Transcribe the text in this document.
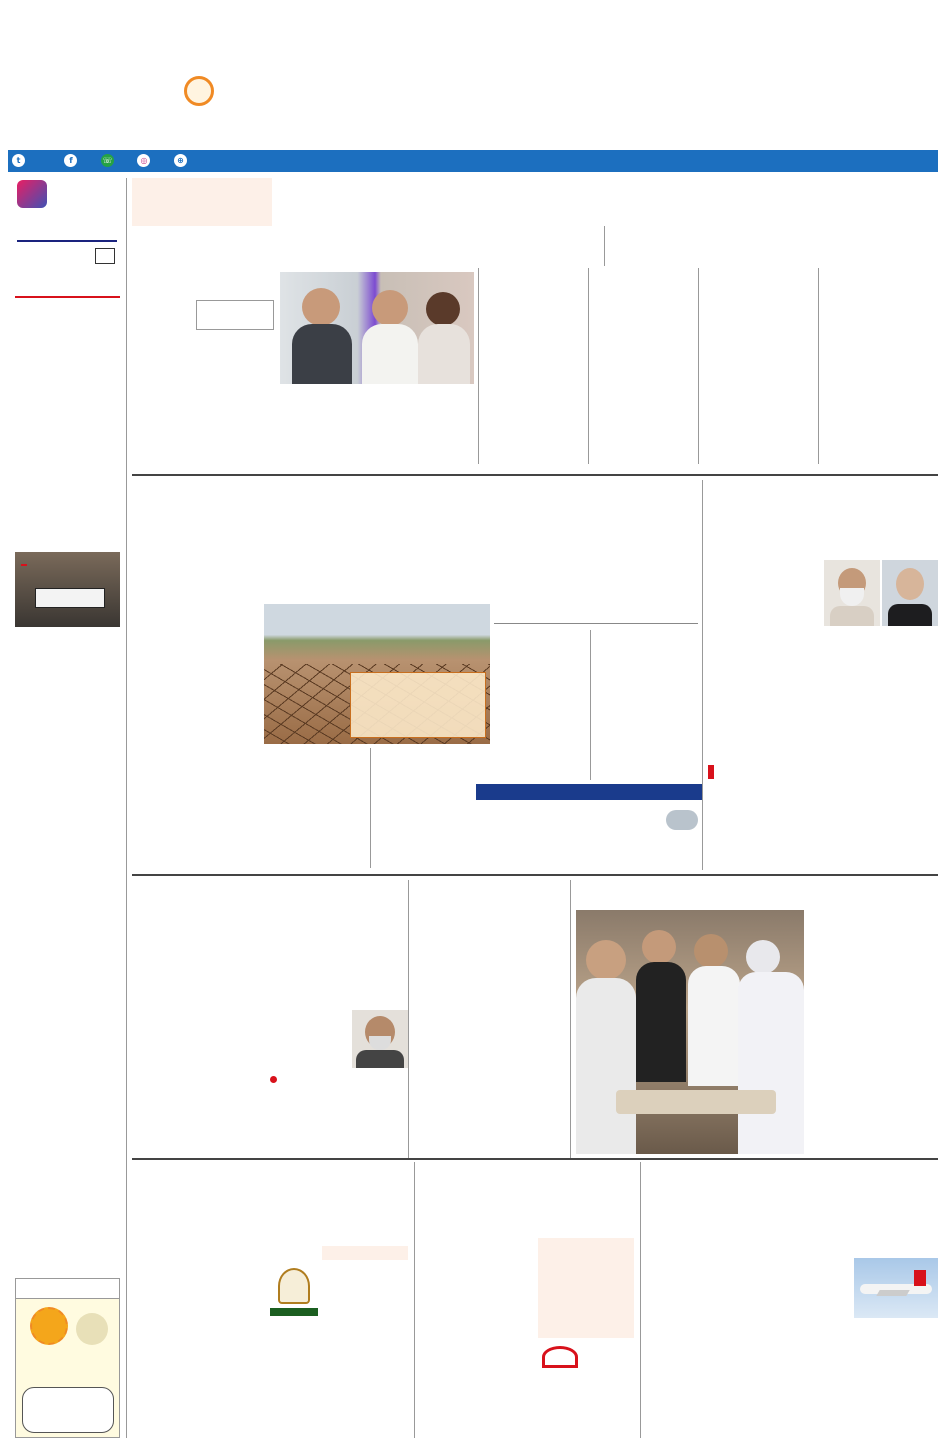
t	f	☏	◎	⊕
